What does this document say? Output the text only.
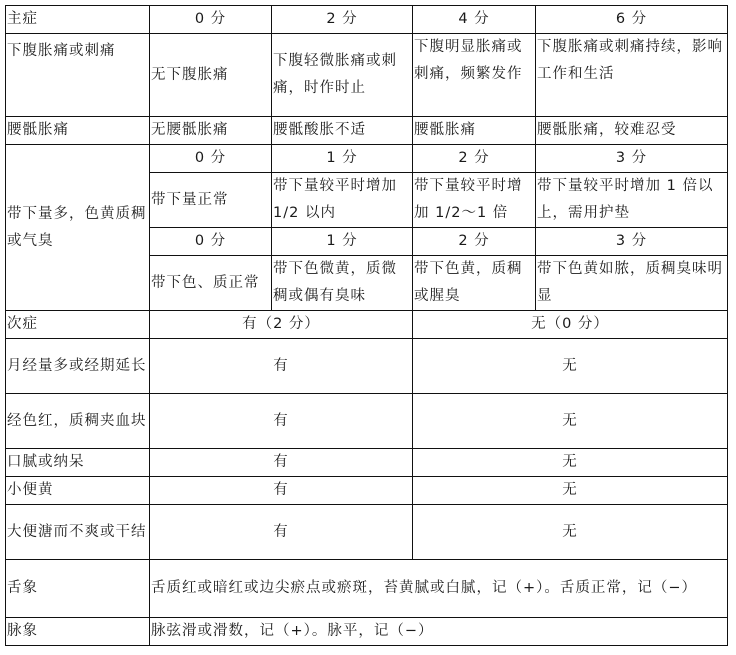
主症	0 分	2 分	4 分	6 分
下腹胀痛或刺痛	无下腹胀痛	下腹轻微胀痛或刺痛，时作时止	下腹明显胀痛或刺痛，频繁发作	下腹胀痛或刺痛持续，影响工作和生活
腰骶胀痛	无腰骶胀痛	腰骶酸胀不适	腰骶胀痛	腰骶胀痛，较难忍受
带下量多，色黄质稠或气臭	0 分	1 分	2 分	3 分
	带下量正常	带下量较平时增加 1/2 以内	带下量较平时增加 1/2～1 倍	带下量较平时增加 1 倍以上，需用护垫
	0 分	1 分	2 分	3 分
	带下色、质正常	带下色微黄，质微稠或偶有臭味	带下色黄，质稠或腥臭	带下色黄如脓，质稠臭味明显
次症	有（2 分）		无（0 分）	
月经量多或经期延长	有		无	
经色红，质稠夹血块	有		无	
口腻或纳呆	有		无	
小便黄	有		无	
大便溏而不爽或干结	有		无	
舌象	舌质红或暗红或边尖瘀点或瘀斑，苔黄腻或白腻，记（+）。舌质正常，记（−）			
脉象	脉弦滑或滑数，记（+）。脉平，记（−）			
